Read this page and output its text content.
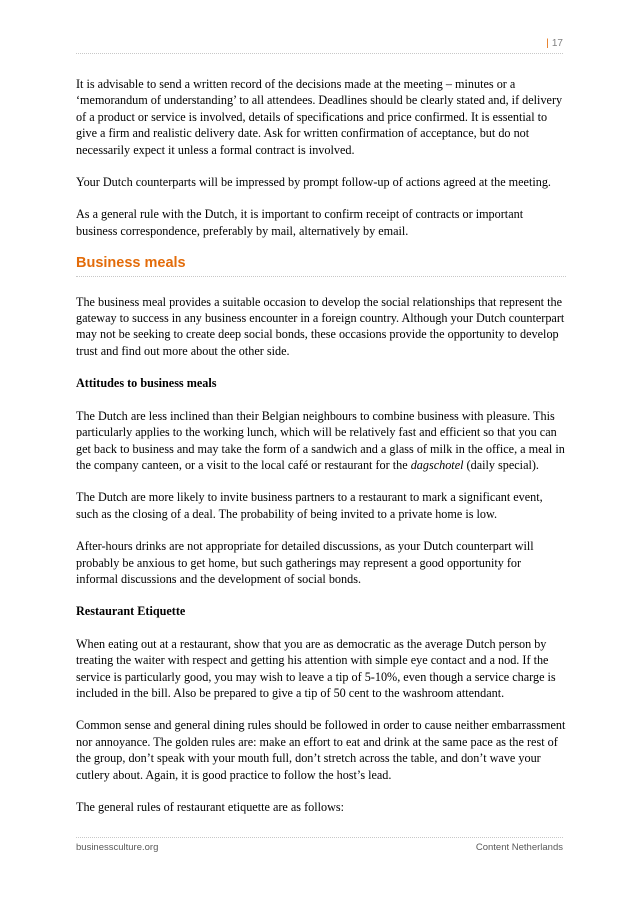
| 17

It is advisable to send a written record of the decisions made at the meeting – minutes or a ‘memorandum of understanding’ to all attendees. Deadlines should be clearly stated and, if delivery of a product or service is involved, details of specifications and price confirmed. It is essential to give a firm and realistic delivery date. Ask for written confirmation of acceptance, but do not necessarily expect it unless a formal contract is involved.

Your Dutch counterparts will be impressed by prompt follow-up of actions agreed at the meeting.

As a general rule with the Dutch, it is important to confirm receipt of contracts or important business correspondence, preferably by mail, alternatively by email.

Business meals

The business meal provides a suitable occasion to develop the social relationships that represent the gateway to success in any business encounter in a foreign country. Although your Dutch counterpart may not be seeking to create deep social bonds, these occasions provide the opportunity to develop trust and find out more about the other side.

Attitudes to business meals

The Dutch are less inclined than their Belgian neighbours to combine business with pleasure. This particularly applies to the working lunch, which will be relatively fast and efficient so that you can get back to business and may take the form of a sandwich and a glass of milk in the office, a meal in the company canteen, or a visit to the local café or restaurant for the dagschotel (daily special).

The Dutch are more likely to invite business partners to a restaurant to mark a significant event, such as the closing of a deal. The probability of being invited to a private home is low.

After-hours drinks are not appropriate for detailed discussions, as your Dutch counterpart will probably be anxious to get home, but such gatherings may represent a good opportunity for informal discussions and the development of social bonds.

Restaurant Etiquette

When eating out at a restaurant, show that you are as democratic as the average Dutch person by treating the waiter with respect and getting his attention with simple eye contact and a nod. If the service is particularly good, you may wish to leave a tip of 5-10%, even though a service charge is included in the bill. Also be prepared to give a tip of 50 cent to the washroom attendant.

Common sense and general dining rules should be followed in order to cause neither embarrassment nor annoyance. The golden rules are: make an effort to eat and drink at the same pace as the rest of the group, don’t speak with your mouth full, don’t stretch across the table, and don’t wave your cutlery about. Again, it is good practice to follow the host’s lead.

The general rules of restaurant etiquette are as follows:

businessculture.org	Content Netherlands
